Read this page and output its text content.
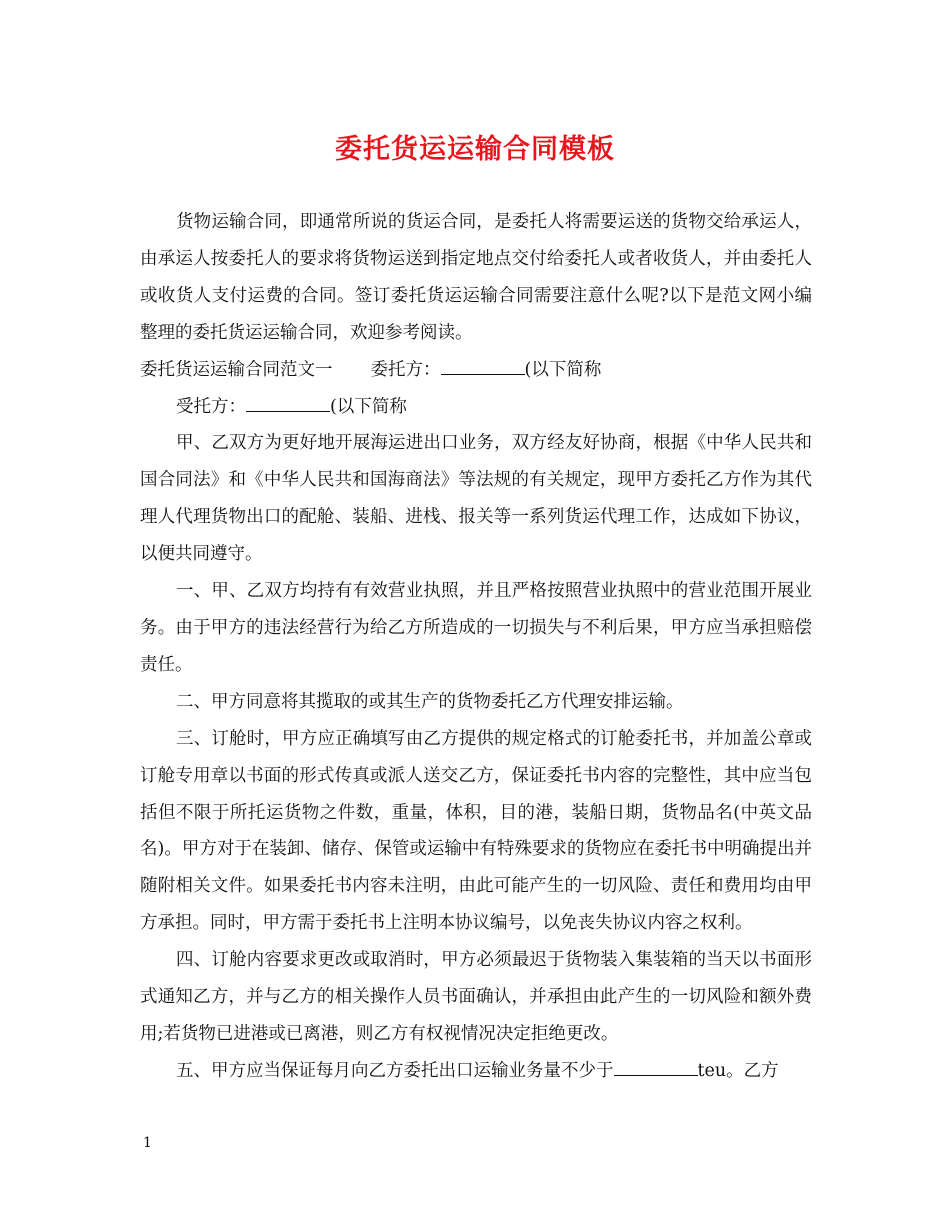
委托货运运输合同模板

货物运输合同，即通常所说的货运合同，是委托人将需要运送的货物交给承运人，由承运人按委托人的要求将货物运送到指定地点交付给委托人或者收货人，并由委托人或收货人支付运费的合同。签订委托货运运输合同需要注意什么呢?以下是范文网小编整理的委托货运运输合同，欢迎参考阅读。

委托货运运输合同范文一 委托方：	(以下简称

受托方：	(以下简称

甲、乙双方为更好地开展海运进出口业务，双方经友好协商，根据《中华人民共和国合同法》和《中华人民共和国海商法》等法规的有关规定，现甲方委托乙方作为其代理人代理货物出口的配舱、装船、进栈、报关等一系列货运代理工作，达成如下协议，以便共同遵守。

一、甲、乙双方均持有有效营业执照，并且严格按照营业执照中的营业范围开展业务。由于甲方的违法经营行为给乙方所造成的一切损失与不利后果，甲方应当承担赔偿责任。

二、甲方同意将其揽取的或其生产的货物委托乙方代理安排运输。

三、订舱时，甲方应正确填写由乙方提供的规定格式的订舱委托书，并加盖公章或订舱专用章以书面的形式传真或派人送交乙方，保证委托书内容的完整性，其中应当包括但不限于所托运货物之件数，重量，体积，目的港，装船日期，货物品名(中英文品名)。甲方对于在装卸、储存、保管或运输中有特殊要求的货物应在委托书中明确提出并随附相关文件。如果委托书内容未注明，由此可能产生的一切风险、责任和费用均由甲方承担。同时，甲方需于委托书上注明本协议编号，以免丧失协议内容之权利。

四、订舱内容要求更改或取消时，甲方必须最迟于货物装入集装箱的当天以书面形式通知乙方，并与乙方的相关操作人员书面确认，并承担由此产生的一切风险和额外费用;若货物已进港或已离港，则乙方有权视情况决定拒绝更改。

五、甲方应当保证每月向乙方委托出口运输业务量不少于	teu。乙方

1
